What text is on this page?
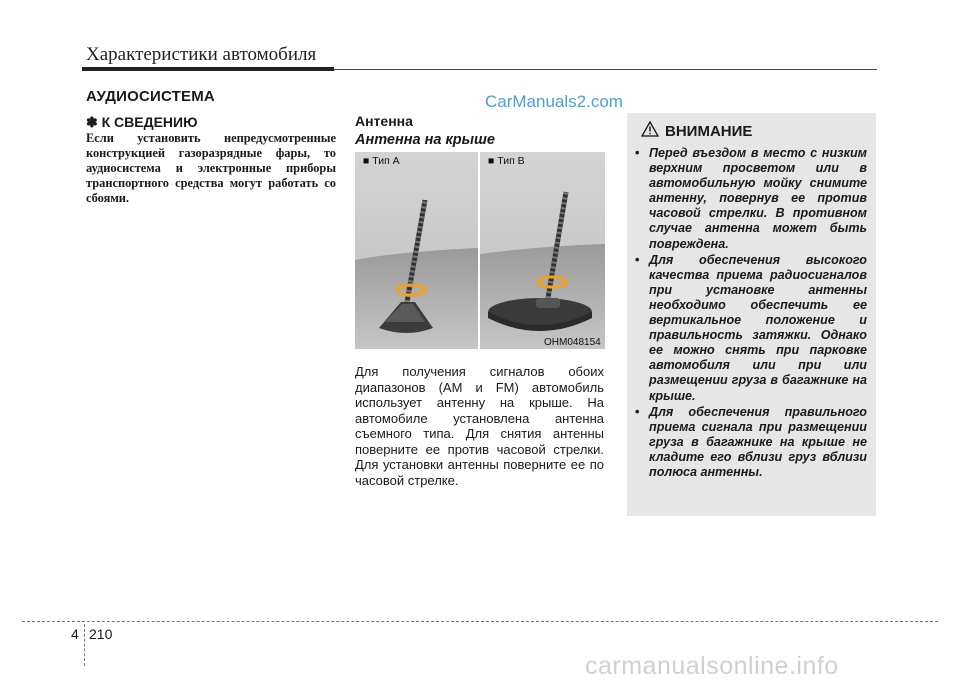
Характеристики автомобиля
АУДИОСИСТЕМА	CarManuals2.com
✽ К СВЕДЕНИЮ
Если установить непредусмотренные конструкцией газоразрядные фары, то аудиосистема и электронные приборы транспортного средства могут работать со сбоями.
Антенна
Антенна на крыше
■ Тип A	■ Тип B
OHM048154
Для получения сигналов обоих диапазонов (AM и FM) автомобиль использует антенну на крыше. На автомобиле установлена антенна съемного типа. Для снятия антенны поверните ее против часовой стрелки. Для установки антенны поверните ее по часовой стрелке.
ВНИМАНИЕ
• Перед въездом в место с низким верхним просветом или в автомобильную мойку снимите антенну, повернув ее против часовой стрелки. В противном случае антенна может быть повреждена.
• Для обеспечения высокого качества приема радиосигналов при установке антенны необходимо обеспечить ее вертикальное положение и правильность затяжки. Однако ее можно снять при парковке автомобиля или при или размещении груза в багажнике на крыше.
• Для обеспечения правильного приема сигнала при размещении груза в багажнике на крыше не кладите его вблизи груз вблизи полюса антенны.
4 210
carmanualsonline.info
